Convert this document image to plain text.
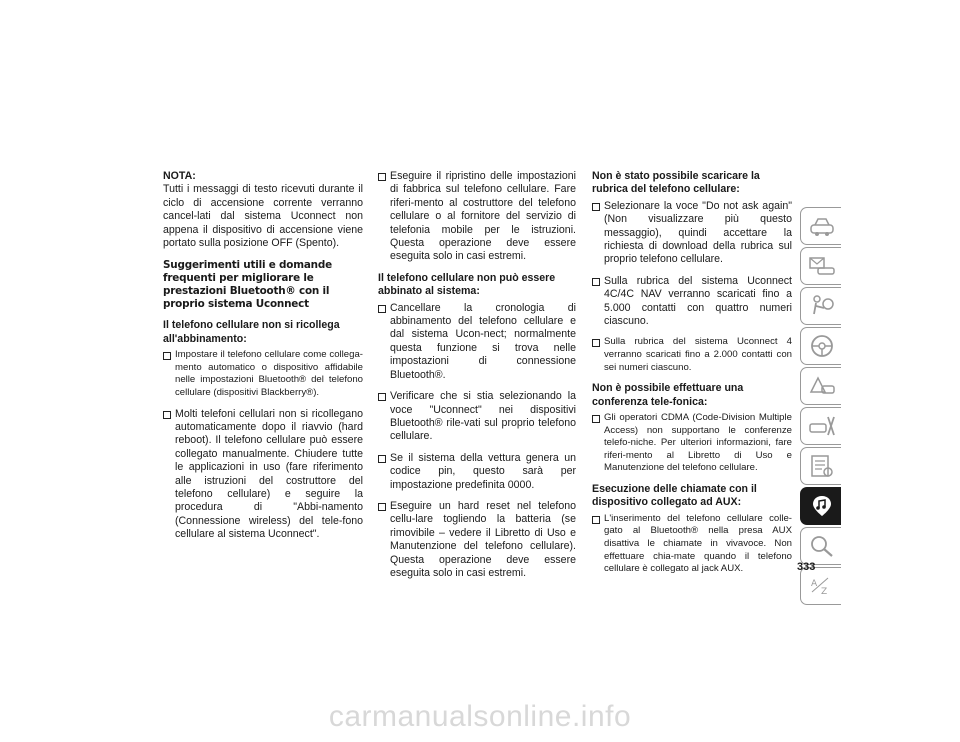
NOTA:
Tutti i messaggi di testo ricevuti durante il ciclo di accensione corrente verranno cancel-lati dal sistema Uconnect non appena il dispositivo di accensione viene portato sulla posizione OFF (Spento).
Suggerimenti utili e domande frequenti per migliorare le prestazioni Bluetooth® con il proprio sistema Uconnect
Il telefono cellulare non si ricollega all'abbinamento:
Impostare il telefono cellulare come collega-mento automatico o dispositivo affidabile nelle impostazioni Bluetooth® del telefono cellulare (dispositivi Blackberry®).
Molti telefoni cellulari non si ricollegano automaticamente dopo il riavvio (hard reboot). Il telefono cellulare può essere collegato manualmente. Chiudere tutte le applicazioni in uso (fare riferimento alle istruzioni del costruttore del telefono cellulare) e seguire la procedura di "Abbi-namento (Connessione wireless) del tele-fono cellulare al sistema Uconnect".
Eseguire il ripristino delle impostazioni di fabbrica sul telefono cellulare. Fare riferi-mento al costruttore del telefono cellulare o al fornitore del servizio di telefonia mobile per le istruzioni. Questa operazione deve essere eseguita solo in casi estremi.
Il telefono cellulare non può essere abbinato al sistema:
Cancellare la cronologia di abbinamento del telefono cellulare e dal sistema Ucon-nect; normalmente questa funzione si trova nelle impostazioni di connessione Bluetooth®.
Verificare che si stia selezionando la voce "Uconnect" nei dispositivi Bluetooth® rile-vati sul proprio telefono cellulare.
Se il sistema della vettura genera un codice pin, questo sarà per impostazione predefinita 0000.
Eseguire un hard reset nel telefono cellu-lare togliendo la batteria (se rimovibile – vedere il Libretto di Uso e Manutenzione del telefono cellulare). Questa operazione deve essere eseguita solo in casi estremi.
Non è stato possibile scaricare la rubrica del telefono cellulare:
Selezionare la voce "Do not ask again" (Non visualizzare più questo messaggio), quindi accettare la richiesta di download della rubrica sul proprio telefono cellulare.
Sulla rubrica del sistema Uconnect 4C/4C NAV verranno scaricati fino a 5.000 contatti con quattro numeri ciascuno.
Sulla rubrica del sistema Uconnect 4 verranno scaricati fino a 2.000 contatti con sei numeri ciascuno.
Non è possibile effettuare una conferenza tele-fonica:
Gli operatori CDMA (Code-Division Multiple Access) non supportano le conferenze telefo-niche. Per ulteriori informazioni, fare riferi-mento al Libretto di Uso e Manutenzione del telefono cellulare.
Esecuzione delle chiamate con il dispositivo collegato ad AUX:
L'inserimento del telefono cellulare colle-gato al Bluetooth® nella presa AUX disattiva le chiamate in vivavoce. Non effettuare chia-mate quando il telefono cellulare è collegato al jack AUX.
A
Z
333
carmanualsonline.info
